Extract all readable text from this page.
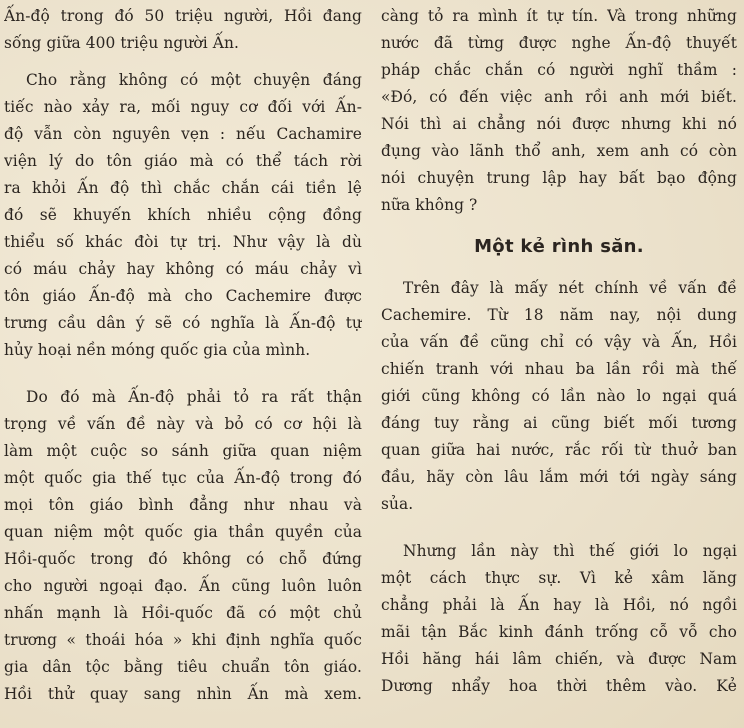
Ấn-độ trong đó 50 triệu người, Hồi đang
sống giữa 400 triệu người Ấn.
Cho rằng không có một chuyện đáng
tiếc nào xảy ra, mối nguy cơ đối với Ấn-
độ vẫn còn nguyên vẹn : nếu Cachamire
viện lý do tôn giáo mà có thể tách rời
ra khỏi Ấn độ thì chắc chắn cái tiền lệ
đó sẽ khuyến khích nhiều cộng đồng
thiểu số khác đòi tự trị. Như vậy là dù
có máu chảy hay không có máu chảy vì
tôn giáo Ấn-độ mà cho Cachemire được
trưng cầu dân ý sẽ có nghĩa là Ấn-độ tự
hủy hoại nền móng quốc gia của mình.
Do đó mà Ấn-độ phải tỏ ra rất thận
trọng về vấn đề này và bỏ có cơ hội là
làm một cuộc so sánh giữa quan niệm
một quốc gia thế tục của Ấn-độ trong đó
mọi tôn giáo bình đẳng như nhau và
quan niệm một quốc gia thần quyền của
Hồi-quốc trong đó không có chỗ đứng
cho người ngoại đạo. Ấn cũng luôn luôn
nhấn mạnh là Hồi-quốc đã có một chủ
trương « thoái hóa » khi định nghĩa quốc
gia dân tộc bằng tiêu chuẩn tôn giáo.
Hồi thử quay sang nhìn Ấn mà xem.
càng tỏ ra mình ít tự tín. Và trong những
nước đã từng được nghe Ấn-độ thuyết
pháp chắc chắn có người nghĩ thầm :
«Đó, có đến việc anh rồi anh mới biết.
Nói thì ai chẳng nói được nhưng khi nó
đụng vào lãnh thổ anh, xem anh có còn
nói chuyện trung lập hay bất bạo động
nữa không ?
Một kẻ rình săn.
Trên đây là mấy nét chính về vấn đề
Cachemire. Từ 18 năm nay, nội dung
của vấn đề cũng chỉ có vậy và Ấn, Hồi
chiến tranh với nhau ba lần rồi mà thế
giới cũng không có lần nào lo ngại quá
đáng tuy rằng ai cũng biết mối tương
quan giữa hai nước, rắc rối từ thuở ban
đầu, hãy còn lâu lắm mới tới ngày sáng
sủa.
Nhưng lần này thì thế giới lo ngại
một cách thực sự. Vì kẻ xâm lăng
chẳng phải là Ấn hay là Hồi, nó ngồi
mãi tận Bắc kinh đánh trống cỗ vỗ cho
Hồi hăng hái lâm chiến, và được Nam
Dương nhẩy hoa thời thêm vào. Kẻ
